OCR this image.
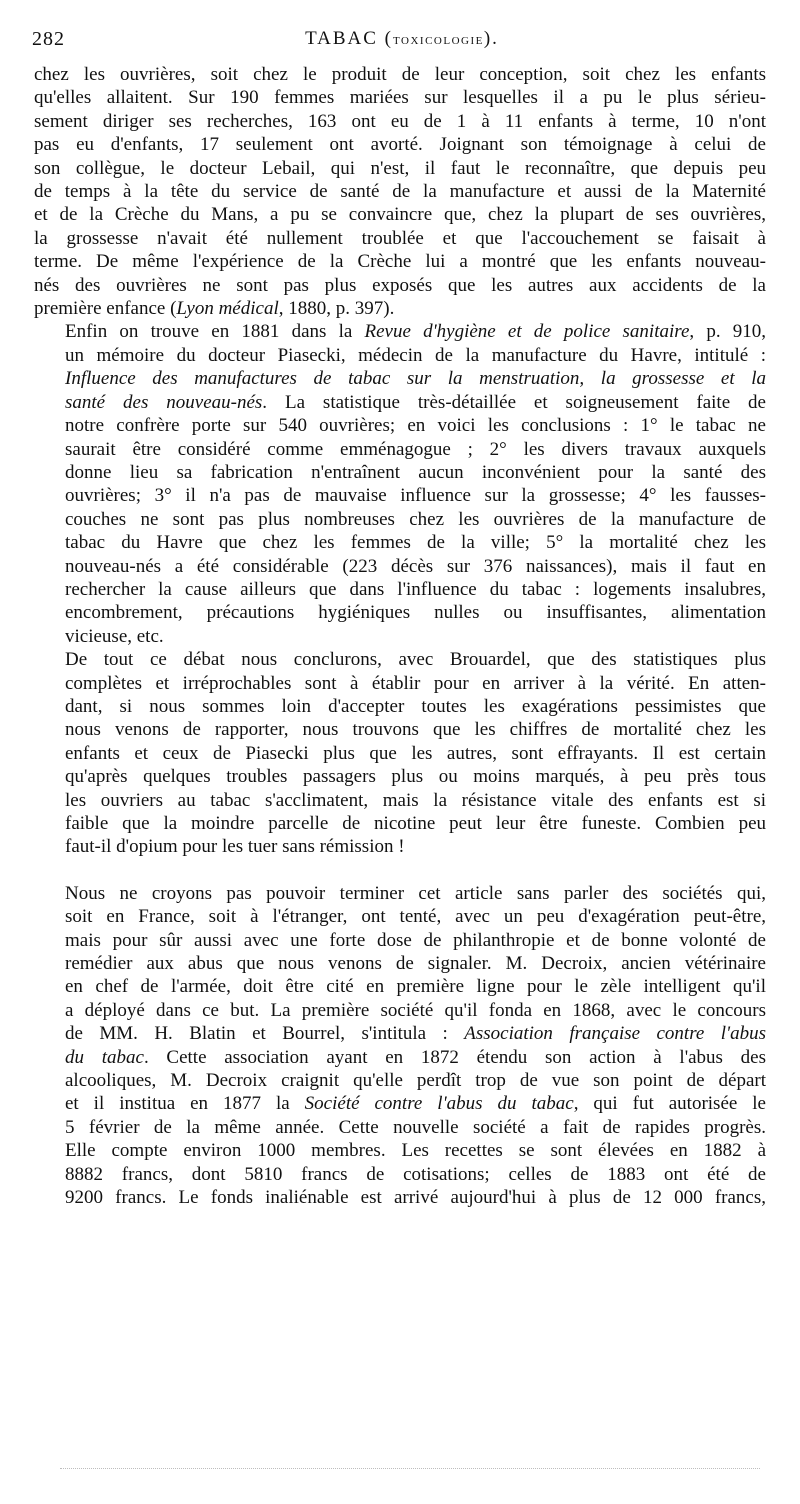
282	TABAC (toxicologie).

chez les ouvrières, soit chez le produit de leur conception, soit chez les enfants
qu'elles allaitent. Sur 190 femmes mariées sur lesquelles il a pu le plus sérieu-
sement diriger ses recherches, 163 ont eu de 1 à 11 enfants à terme, 10 n'ont
pas eu d'enfants, 17 seulement ont avorté. Joignant son témoignage à celui de
son collègue, le docteur Lebail, qui n'est, il faut le reconnaître, que depuis peu
de temps à la tête du service de santé de la manufacture et aussi de la Maternité
et de la Crèche du Mans, a pu se convaincre que, chez la plupart de ses ouvrières,
la grossesse n'avait été nullement troublée et que l'accouchement se faisait à
terme. De même l'expérience de la Crèche lui a montré que les enfants nouveau-
nés des ouvrières ne sont pas plus exposés que les autres aux accidents de la
première enfance (Lyon médical, 1880, p. 397).

Enfin on trouve en 1881 dans la Revue d'hygiène et de police sanitaire, p. 910,
un mémoire du docteur Piasecki, médecin de la manufacture du Havre, intitulé :
Influence des manufactures de tabac sur la menstruation, la grossesse et la
santé des nouveau-nés. La statistique très-détaillée et soigneusement faite de
notre confrère porte sur 540 ouvrières; en voici les conclusions : 1° le tabac ne
saurait être considéré comme emménagogue ; 2° les divers travaux auxquels
donne lieu sa fabrication n'entraînent aucun inconvénient pour la santé des
ouvrières; 3° il n'a pas de mauvaise influence sur la grossesse; 4° les fausses-
couches ne sont pas plus nombreuses chez les ouvrières de la manufacture de
tabac du Havre que chez les femmes de la ville; 5° la mortalité chez les
nouveau-nés a été considérable (223 décès sur 376 naissances), mais il faut en
rechercher la cause ailleurs que dans l'influence du tabac : logements insalubres,
encombrement, précautions hygiéniques nulles ou insuffisantes, alimentation
vicieuse, etc.

De tout ce débat nous conclurons, avec Brouardel, que des statistiques plus
complètes et irréprochables sont à établir pour en arriver à la vérité. En atten-
dant, si nous sommes loin d'accepter toutes les exagérations pessimistes que
nous venons de rapporter, nous trouvons que les chiffres de mortalité chez les
enfants et ceux de Piasecki plus que les autres, sont effrayants. Il est certain
qu'après quelques troubles passagers plus ou moins marqués, à peu près tous
les ouvriers au tabac s'acclimatent, mais la résistance vitale des enfants est si
faible que la moindre parcelle de nicotine peut leur être funeste. Combien peu
faut-il d'opium pour les tuer sans rémission !

Nous ne croyons pas pouvoir terminer cet article sans parler des sociétés qui,
soit en France, soit à l'étranger, ont tenté, avec un peu d'exagération peut-être,
mais pour sûr aussi avec une forte dose de philanthropie et de bonne volonté de
remédier aux abus que nous venons de signaler. M. Decroix, ancien vétérinaire
en chef de l'armée, doit être cité en première ligne pour le zèle intelligent qu'il
a déployé dans ce but. La première société qu'il fonda en 1868, avec le concours
de MM. H. Blatin et Bourrel, s'intitula : Association française contre l'abus
du tabac. Cette association ayant en 1872 étendu son action à l'abus des
alcooliques, M. Decroix craignit qu'elle perdît trop de vue son point de départ
et il institua en 1877 la Société contre l'abus du tabac, qui fut autorisée le
5 février de la même année. Cette nouvelle société a fait de rapides progrès.
Elle compte environ 1000 membres. Les recettes se sont élevées en 1882 à
8882 francs, dont 5810 francs de cotisations; celles de 1883 ont été de
9200 francs. Le fonds inaliénable est arrivé aujourd'hui à plus de 12 000 francs,
